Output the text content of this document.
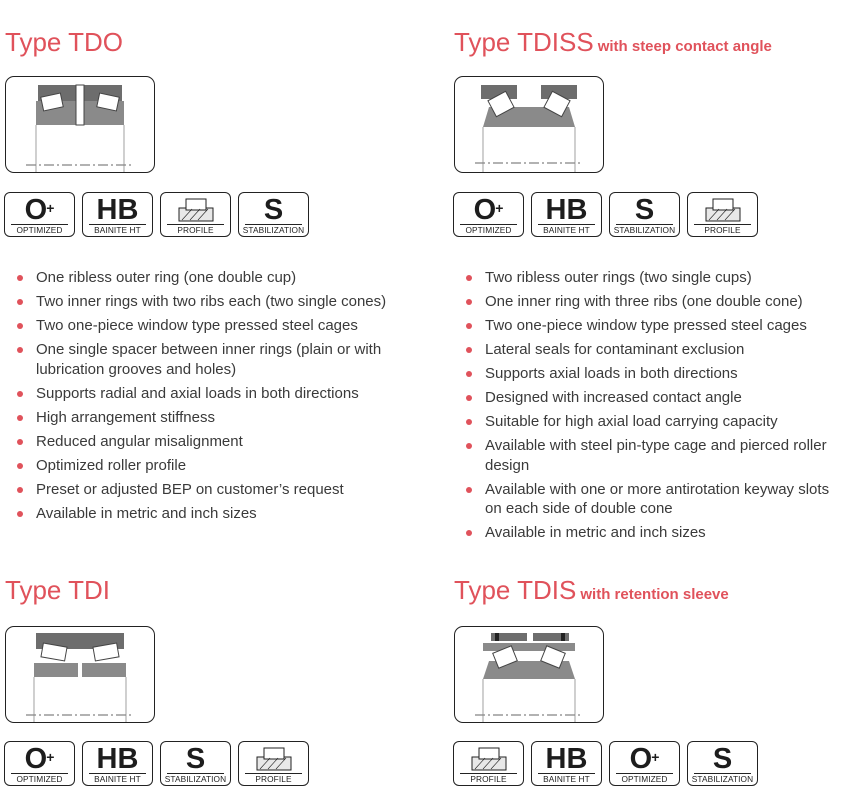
Type TDO
O+
OPTIMIZED
HB
BAINITE HT	PROFILE
S
STABILIZATION
One ribless outer ring (one double cup)
Two inner rings with two ribs each (two single cones)
Two one-piece window type pressed steel cages
One single spacer between inner rings (plain or with lubrication grooves and holes)
Supports radial and axial loads in both directions
High arrangement stiffness
Reduced angular misalignment
Optimized roller profile
Preset or adjusted BEP on customer’s request
Available in metric and inch sizes
Type TDISS with steep contact angle
O+
OPTIMIZED
HB
BAINITE HT
S
STABILIZATION	PROFILE
Two ribless outer rings (two single cups)
One inner ring with three ribs (one double cone)
Two one-piece window type pressed steel cages
Lateral seals for contaminant exclusion
Supports axial loads in both directions
Designed with increased contact angle
Suitable for high axial load carrying capacity
Available with steel pin-type cage and pierced roller design
Available with one or more antirotation keyway slots on each side of double cone
Available in metric and inch sizes
Type TDI
O+
OPTIMIZED
HB
BAINITE HT
S
STABILIZATION	PROFILE
Type TDIS with retention sleeve
PROFILE
HB
BAINITE HT
O+
OPTIMIZED
S
STABILIZATION
